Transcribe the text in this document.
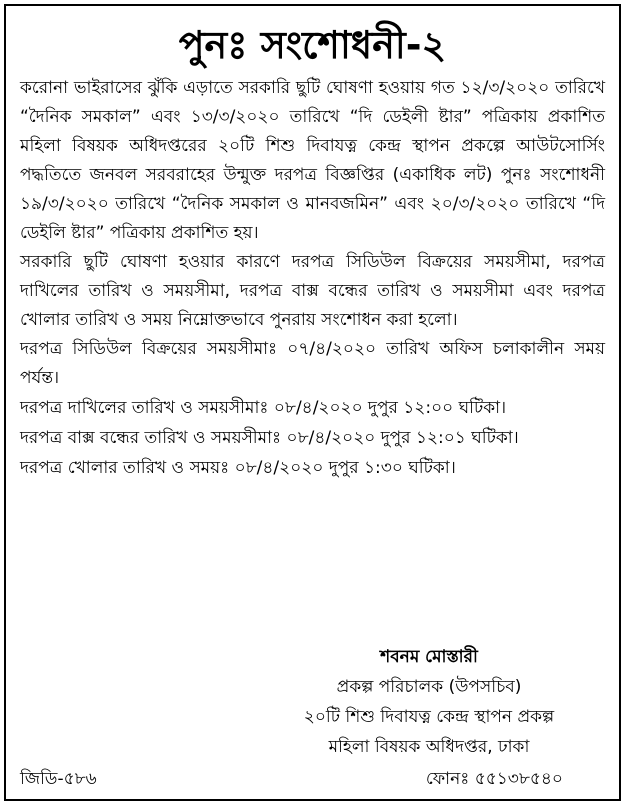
পুনঃ সংশোধনী-২

করোনা ভাইরাসের ঝুঁকি এড়াতে সরকারি ছুটি ঘোষণা হওয়ায় গত ১২/৩/২০২০ তারিখে “দৈনিক সমকাল” এবং ১৩/৩/২০২০ তারিখে “দি ডেইলী ষ্টার” পত্রিকায় প্রকাশিত মহিলা বিষয়ক অধিদপ্তরের ২০টি শিশু দিবাযত্ন কেন্দ্র স্থাপন প্রকল্পে আউটসোর্সিং পদ্ধতিতে জনবল সরবরাহের উন্মুক্ত দরপত্র বিজ্ঞপ্তির (একাধিক লট) পুনঃ সংশোধনী ১৯/৩/২০২০ তারিখে “দৈনিক সমকাল ও মানবজমিন” এবং ২০/৩/২০২০ তারিখে “দি ডেইলি ষ্টার” পত্রিকায় প্রকাশিত হয়।

সরকারি ছুটি ঘোষণা হওয়ার কারণে দরপত্র সিডিউল বিক্রয়ের সময়সীমা, দরপত্র দাখিলের তারিখ ও সময়সীমা, দরপত্র বাক্স বন্ধের তারিখ ও সময়সীমা এবং দরপত্র খোলার তারিখ ও সময় নিম্নোক্তভাবে পুনরায় সংশোধন করা হলো।

দরপত্র সিডিউল বিক্রয়ের সময়সীমাঃ ০৭/৪/২০২০ তারিখ অফিস চলাকালীন সময় পর্যন্ত।

দরপত্র দাখিলের তারিখ ও সময়সীমাঃ ০৮/৪/২০২০ দুপুর ১২:০০ ঘটিকা।

দরপত্র বাক্স বন্ধের তারিখ ও সময়সীমাঃ ০৮/৪/২০২০ দুপুর ১২:০১ ঘটিকা।

দরপত্র খোলার তারিখ ও সময়ঃ ০৮/৪/২০২০ দুপুর ১:৩০ ঘটিকা।

শবনম মোস্তারী
প্রকল্প পরিচালক (উপসচিব)
২০টি শিশু দিবাযত্ন কেন্দ্র স্থাপন প্রকল্প
মহিলা বিষয়ক অধিদপ্তর, ঢাকা
জিডি-৫৮৬	ফোনঃ ৫৫১৩৮৫৪০
